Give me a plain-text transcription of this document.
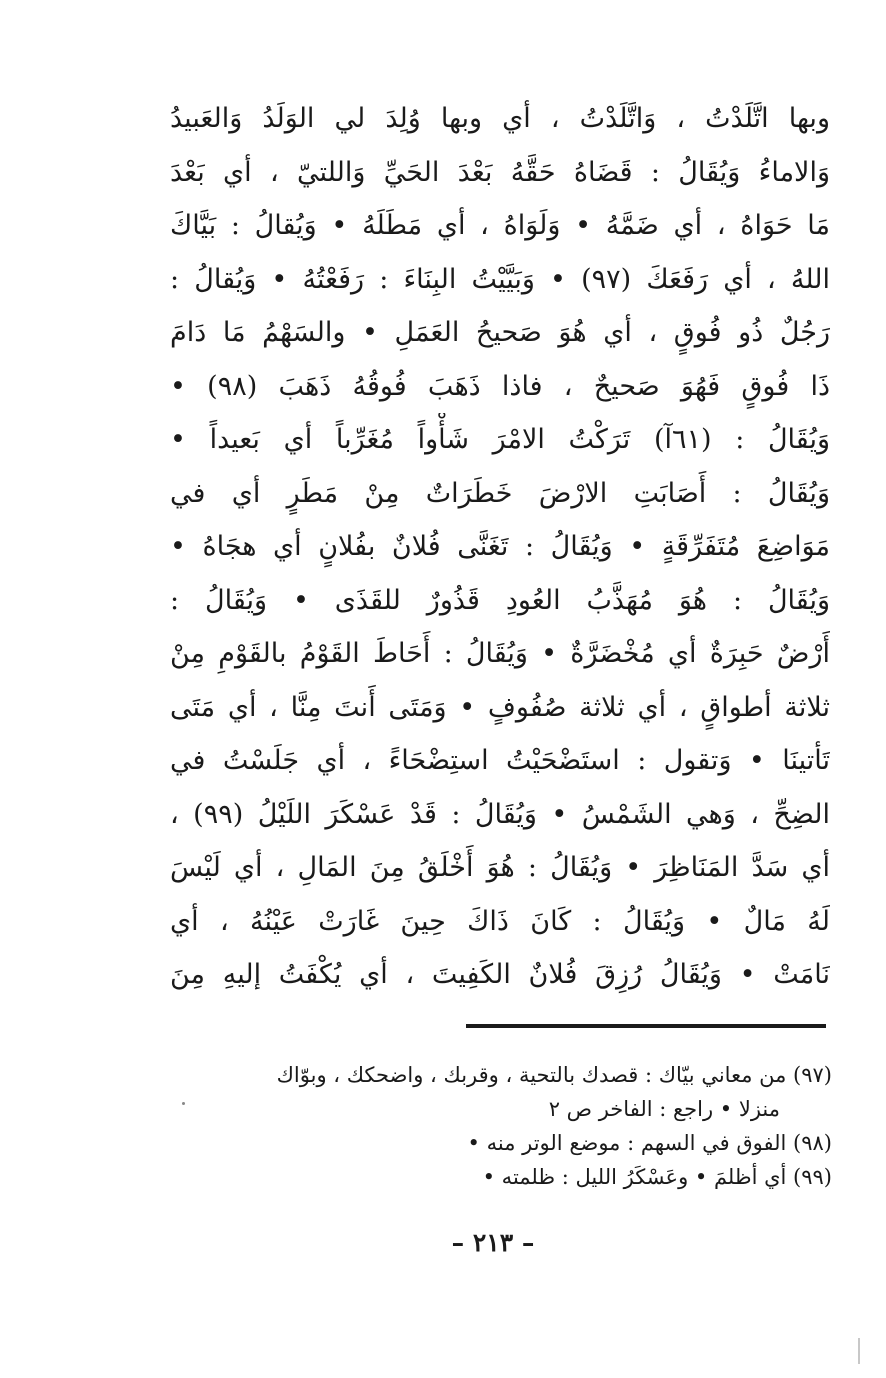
وبها اتَّلَدْتُ ، وَاتَّلَدْتُ ، أي وبها وُلِدَ لي الوَلَدُ وَالعَبيدُ
وَالاماءُ وَيُقَالُ : قَضَاهُ حَقَّهُ بَعْدَ الحَيِّ وَاللتيّ ، أي بَعْدَ
مَا حَوَاهُ ، أي ضَمَّهُ • وَلَوَاهُ ، أي مَطَلَهُ • وَيُقالُ : بَيَّاكَ
اللهُ ، أي رَفَعَكَ (٩٧) • وَبَيَّيْتُ البِنَاءَ : رَفَعْتُهُ • وَيُقالُ :
رَجُلٌ ذُو فُوقٍ ، أي هُوَ صَحيحُ العَمَلِ • والسَهْمُ مَا دَامَ
ذَا فُوقٍ فَهُوَ صَحيحٌ ، فاذا ذَهَبَ فُوقُهُ ذَهَبَ (٩٨) •
وَيُقَالُ : (٦١آ) تَرَكْتُ الامْرَ شَأْواً مُغَرِّباً أي بَعيداً •
وَيُقَالُ : أَصَابَتِ الارْضَ خَطَرَاتٌ مِنْ مَطَرٍ أي في
مَوَاضِعَ مُتَفَرِّقَةٍ • وَيُقَالُ : تَغَنَّى فُلانٌ بفُلانٍ أي هجَاهُ •
وَيُقَالُ : هُوَ مُهَذَّبُ العُودِ قَذُورٌ للقَذَى • وَيُقَالُ :
أَرْضٌ حَبِرَةٌ أي مُخْضَرَّةٌ • وَيُقَالُ : أَحَاطَ القَوْمُ بالقَوْمِ مِنْ
ثلاثة أطواقٍ ، أي ثلاثة صُفُوفٍ • وَمَتَى أَنتَ مِنَّا ، أي مَتَى
تَأتينَا • وَتقول : استَضْحَيْتُ استِضْحَاءً ، أي جَلَسْتُ في
الضِحِّ ، وَهي الشَمْسُ • وَيُقَالُ : قَدْ عَسْكَرَ اللَيْلُ (٩٩) ،
أي سَدَّ المَنَاظِرَ • وَيُقَالُ : هُوَ أَخْلَقُ مِنَ المَالِ ، أي لَيْسَ
لَهُ مَالٌ • وَيُقَالُ : كَانَ ذَاكَ حِينَ غَارَتْ عَيْنُهُ ، أي
نَامَتْ • وَيُقَالُ رُزِقَ فُلانٌ الكَفِيتَ ، أي يُكْفَتُ إليهِ مِنَ
(٩٧) من معاني بيّاك : قصدك بالتحية ، وقربك ، واضحكك ، وبوّاك
منزلا • راجع : الفاخر ص ٢
(٩٨) الفوق في السهم : موضع الوتر منه •
(٩٩) أي أظلمَ • وعَسْكَرُ الليل : ظلمته •
– ٢١٣ –
